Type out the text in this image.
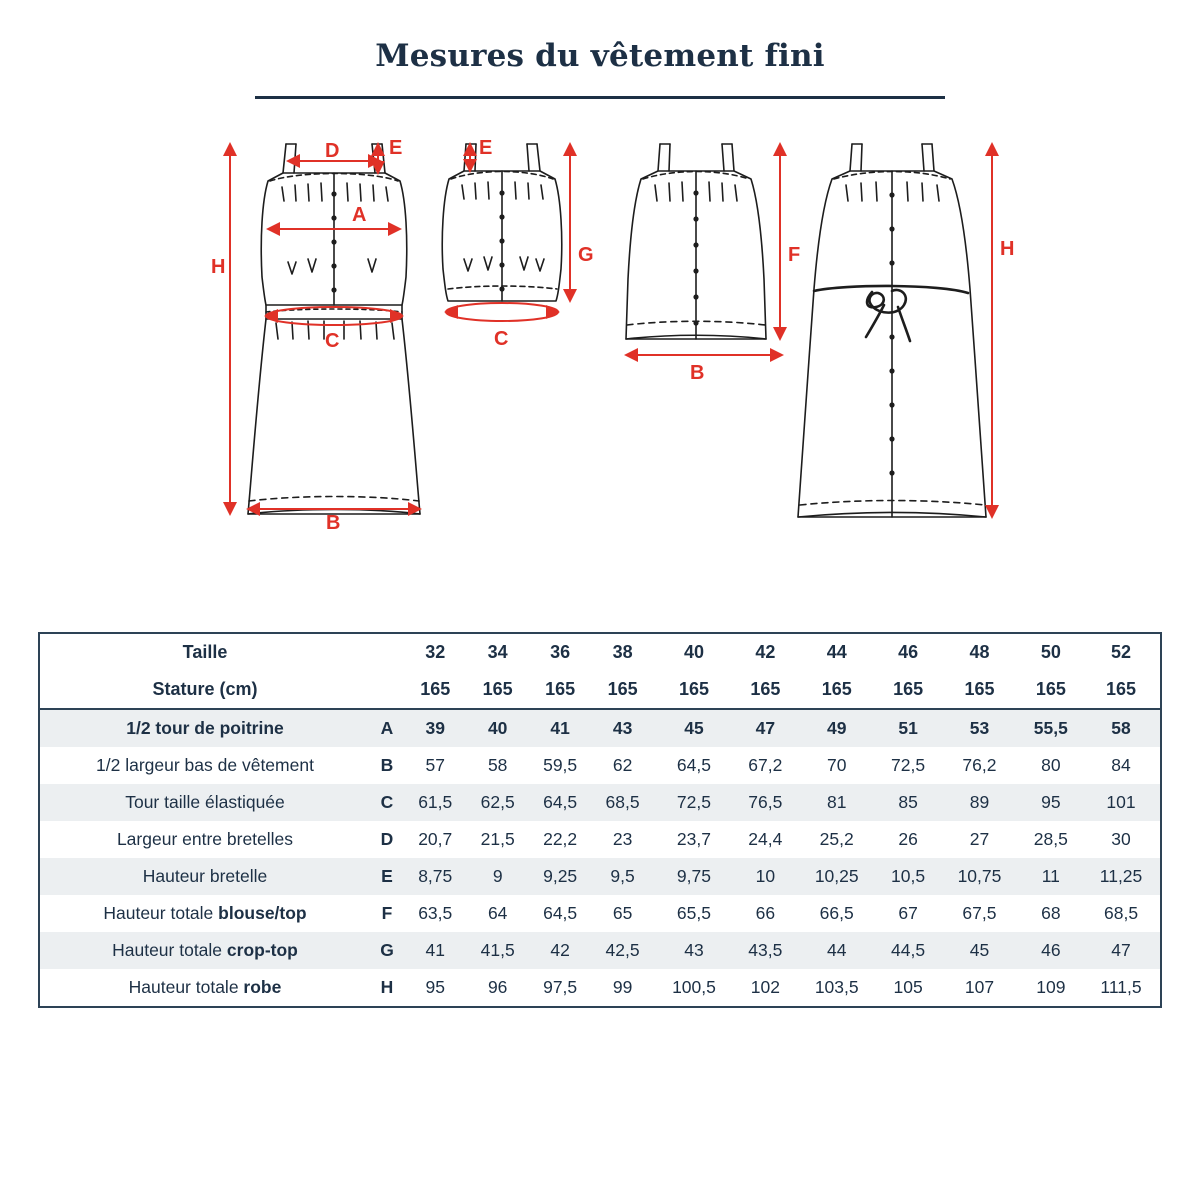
Mesures du vêtement fini
D E
A
H
C
B
E
G
C
F
B
H
Taille		32	34	36	38	40	42	44	46	48	50	52
Stature (cm)		165	165	165	165	165	165	165	165	165	165	165
1/2 tour de poitrine	A	39	40	41	43	45	47	49	51	53	55,5	58
1/2 largeur bas de vêtement	B	57	58	59,5	62	64,5	67,2	70	72,5	76,2	80	84
Tour taille élastiquée	C	61,5	62,5	64,5	68,5	72,5	76,5	81	85	89	95	101
Largeur entre bretelles	D	20,7	21,5	22,2	23	23,7	24,4	25,2	26	27	28,5	30
Hauteur bretelle	E	8,75	9	9,25	9,5	9,75	10	10,25	10,5	10,75	11	11,25
Hauteur totale blouse/top	F	63,5	64	64,5	65	65,5	66	66,5	67	67,5	68	68,5
Hauteur totale crop-top	G	41	41,5	42	42,5	43	43,5	44	44,5	45	46	47
Hauteur totale robe	H	95	96	97,5	99	100,5	102	103,5	105	107	109	111,5
